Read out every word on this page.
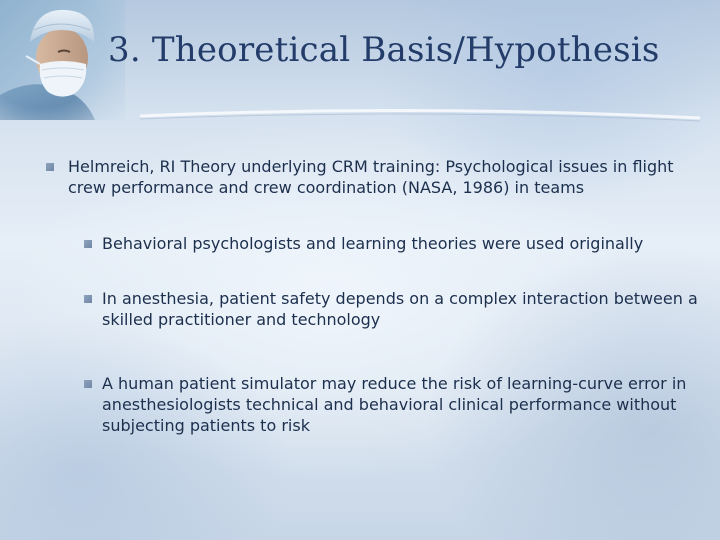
3. Theoretical Basis/Hypothesis
Helmreich, RI Theory underlying CRM training: Psychological issues in flight crew performance and crew coordination (NASA, 1986) in teams
Behavioral psychologists and learning theories were used originally
In anesthesia, patient safety depends on a complex interaction between a skilled practitioner and technology
A human patient simulator may reduce the risk of learning-curve error in anesthesiologists technical and behavioral clinical performance without subjecting patients to risk
